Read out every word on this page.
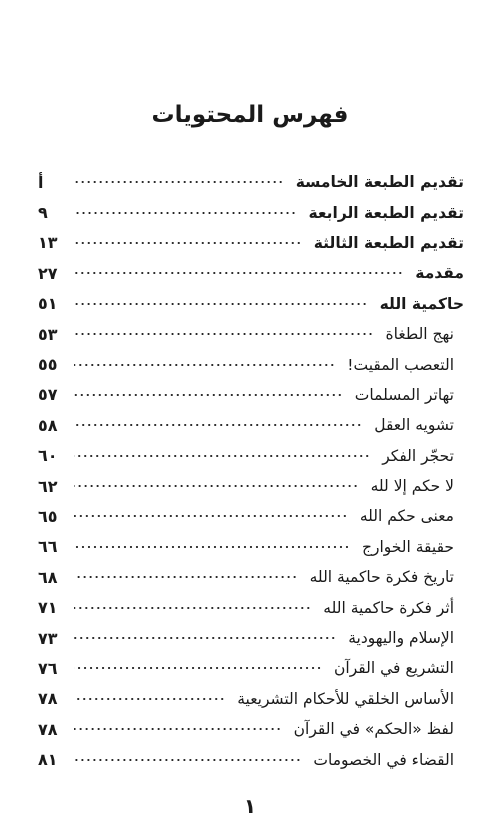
فهرس المحتويات
تقديم الطبعة الخامسة
أ
تقديم الطبعة الرابعة
٩
تقديم الطبعة الثالثة
١٣
مقدمة
٢٧
حاكمية الله
٥١
نهج الطغاة
٥٣
التعصب المقيت!
٥٥
تهاتر المسلمات
٥٧
تشويه العقل
٥٨
تحجّر الفكر
٦٠
لا حكم إلا لله
٦٢
معنى حكم الله
٦٥
حقيقة الخوارج
٦٦
تاريخ فكرة حاكمية الله
٦٨
أثر فكرة حاكمية الله
٧١
الإسلام واليهودية
٧٣
التشريع في القرآن
٧٦
الأساس الخلقي للأحكام التشريعية
٧٨
لفظ «الحكم» في القرآن
٧٨
القضاء في الخصومات
٨١
١
